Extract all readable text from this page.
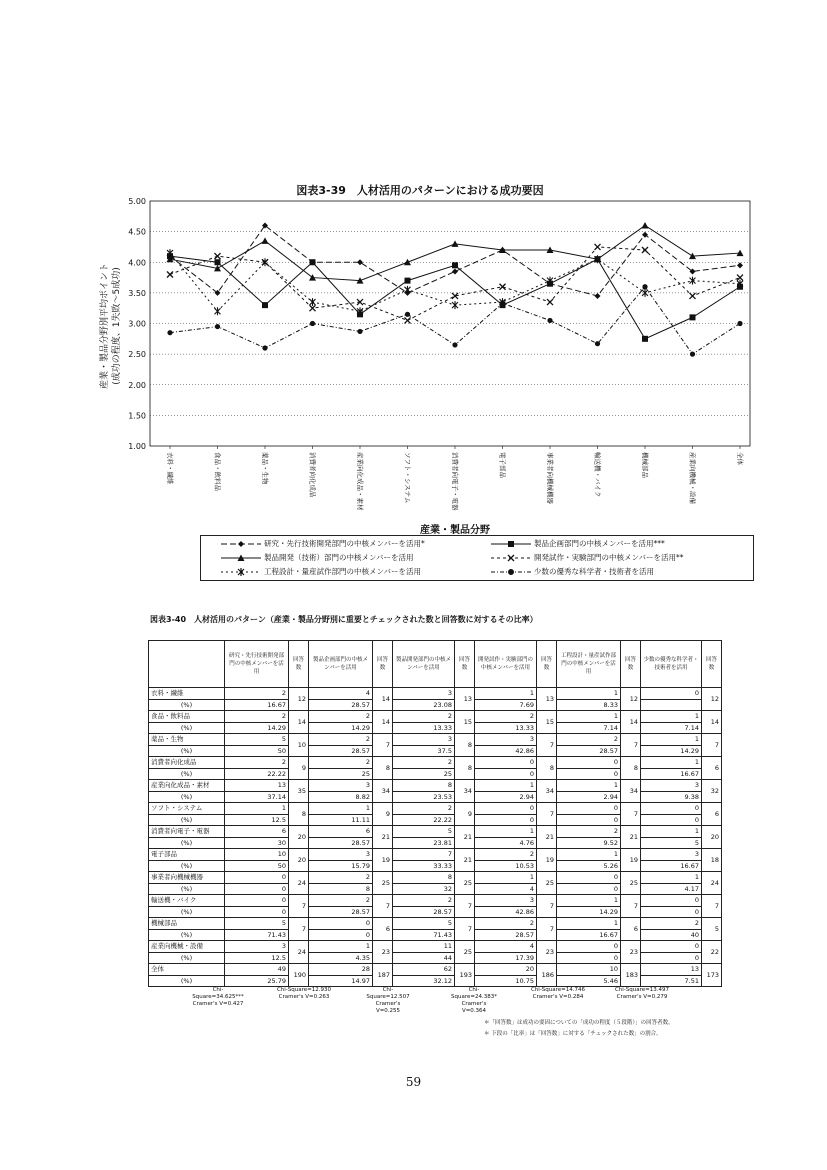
1.00
1.50
2.00
2.50
3.00
3.50
4.00
4.50
5.00
衣料・繊維	食品・飲料品	薬品・生物	消費者向化成品	産業向化成品・素材	ソフト・システム	消費者向電子・電器	電子部品	事業者向機械機器	輸送機・バイク	機械部品	産業向機械・設備	全体
図表3-39　人材活用のパターンにおける成功要因
産業・製品分野
産業・製品分野別平均ポイント (成功の程度、1失敗～5成功)
研究・先行技術開発部門の中核メンバーを活用*	製品企画部門の中核メンバーを活用***
製品開発（技術）部門の中核メンバーを活用	開発試作・実験部門の中核メンバーを活用**
工程設計・量産試作部門の中核メンバーを活用	少数の優秀な科学者・技術者を活用
図表3-40　人材活用のパターン（産業・製品分野別に重要とチェックされた数と回答数に対するその比率）
	研究・先行技術開発部門の中核メンバーを活用	回答数	製品企画部門の中核メンバーを活用	回答数	製品開発部門の中核メンバーを活用	回答数	開発試作・実験部門の中核メンバーを活用	回答数	工程設計・量産試作部門の中核メンバーを活用	回答数	少数の優秀な科学者・技術者を活用	回答数
衣料・繊維	2	12	4	14	3	13	1	13	1	12	0	12
(%)	16.67		28.57		23.08		7.69		8.33			
食品・飲料品	2	14	2	14	2	15	2	15	1	14	1	14
(%)	14.29		14.29		13.33		13.33		7.14		7.14	
薬品・生物	5	10	2	7	3	8	3	7	2	7	1	7
(%)	50		28.57		37.5		42.86		28.57		14.29	
消費者向化成品	2	9	2	8	2	8	0	8	0	8	1	6
(%)	22.22		25		25		0		0		16.67	
産業向化成品・素材	13	35	3	34	8	34	1	34	1	34	3	32
(%)	37.14		8.82		23.53		2.94		2.94		9.38	
ソフト・システム	1	8	1	9	2	9	0	7	0	7	0	6
(%)	12.5		11.11		22.22		0		0		0	
消費者向電子・電器	6	20	6	21	5	21	1	21	2	21	1	20
(%)	30		28.57		23.81		4.76		9.52		5	
電子部品	10	20	3	19	7	21	2	19	1	19	3	18
(%)	50		15.79		33.33		10.53		5.26		16.67	
事業者向機械機器	0	24	2	25	8	25	1	25	0	25	1	24
(%)	0		8		32		4		0		4.17	
輸送機・バイク	0	7	2	7	2	7	3	7	1	7	0	7
(%)	0		28.57		28.57		42.86		14.29		0	
機械部品	5	7	0	6	5	7	2	7	1	6	2	5
(%)	71.43		0		71.43		28.57		16.67		40	
産業向機械・設備	3	24	1	23	11	25	4	23	0	23	0	22
(%)	12.5		4.35		44		17.39		0		0	
全体	49	190	28	187	62	193	20	186	10	183	13	173
(%)	25.79		14.97		32.12		10.75		5.46		7.51	
Chi-
Square=34.625***
Cramer's V=0.427
Chi-Square=12.930
Cramer's V=0.263
Chi-
Square=12.507
Cramer's
V=0.255
Chi-
Square=24.383*
Cramer's
V=0.364
Chi-Square=14.746
Cramer's V=0.284
Chi-Square=13.497
Cramer's V=0.279
＊「回答数」は成功の要因についての「成功の程度（５段階）」の回答者数。
＊ 下段の「比率」は「回答数」に対する「チェックされた数」の割合。
59
